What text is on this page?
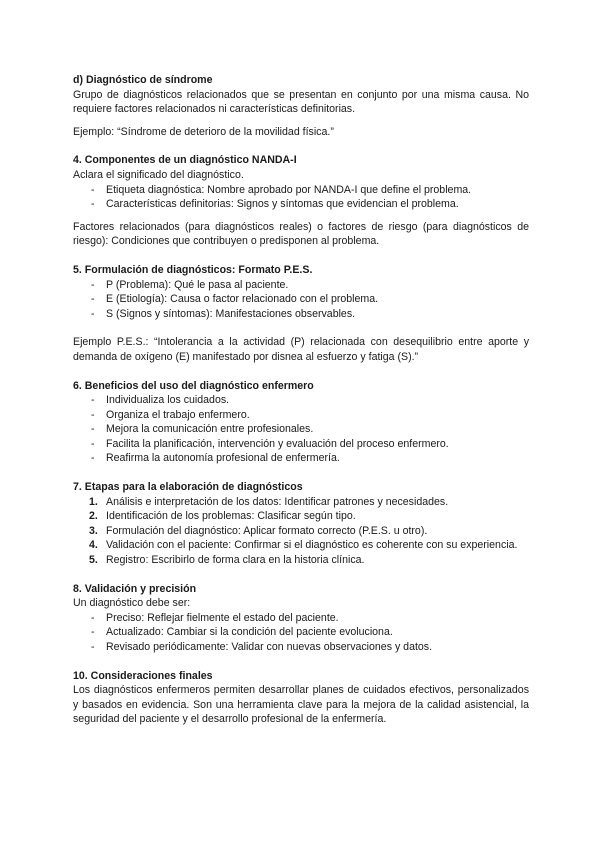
d) Diagnóstico de síndrome

Grupo de diagnósticos relacionados que se presentan en conjunto por una misma causa. No requiere factores relacionados ni características definitorias.

Ejemplo: “Síndrome de deterioro de la movilidad física.”

4. Componentes de un diagnóstico NANDA-I

Aclara el significado del diagnóstico.

- Etiqueta diagnóstica: Nombre aprobado por NANDA-I que define el problema.
- Características definitorias: Signos y síntomas que evidencian el problema.

Factores relacionados (para diagnósticos reales) o factores de riesgo (para diagnósticos de riesgo): Condiciones que contribuyen o predisponen al problema.

5. Formulación de diagnósticos: Formato P.E.S.

- P (Problema): Qué le pasa al paciente.
- E (Etiología): Causa o factor relacionado con el problema.
- S (Signos y síntomas): Manifestaciones observables.

Ejemplo P.E.S.: “Intolerancia a la actividad (P) relacionada con desequilibrio entre aporte y demanda de oxígeno (E) manifestado por disnea al esfuerzo y fatiga (S).”

6. Beneficios del uso del diagnóstico enfermero

- Individualiza los cuidados.
- Organiza el trabajo enfermero.
- Mejora la comunicación entre profesionales.
- Facilita la planificación, intervención y evaluación del proceso enfermero.
- Reafirma la autonomía profesional de enfermería.

7. Etapas para la elaboración de diagnósticos

1. Análisis e interpretación de los datos: Identificar patrones y necesidades.
2. Identificación de los problemas: Clasificar según tipo.
3. Formulación del diagnóstico: Aplicar formato correcto (P.E.S. u otro).
4. Validación con el paciente: Confirmar si el diagnóstico es coherente con su experiencia.
5. Registro: Escribirlo de forma clara en la historia clínica.

8. Validación y precisión

Un diagnóstico debe ser:

- Preciso: Reflejar fielmente el estado del paciente.
- Actualizado: Cambiar si la condición del paciente evoluciona.
- Revisado periódicamente: Validar con nuevas observaciones y datos.

10. Consideraciones finales

Los diagnósticos enfermeros permiten desarrollar planes de cuidados efectivos, personalizados y basados en evidencia. Son una herramienta clave para la mejora de la calidad asistencial, la seguridad del paciente y el desarrollo profesional de la enfermería.
